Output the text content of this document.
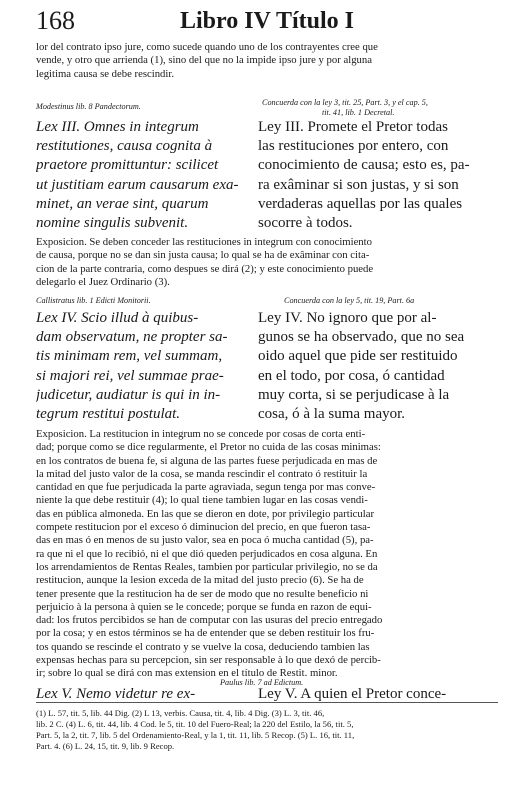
168	Libro IV Título I
lor del contrato ipso jure, como sucede quando uno de los contrayentes cree que
vende, y otro que arrienda (1), sino del que no la impide ipso jure y por alguna
legitima causa se debe rescindir.
Modestinus lib. 8 Pandectorum.	Concuerda con la ley 3, tit. 25, Part. 3, y el cap. 5,
tit. 41, lib. 1 Decretal.
Lex III. Omnes in integrum
restitutiones, causa cognita à
praetore promittuntur: scilicet
ut justitiam earum causarum exa-
minet, an verae sint, quarum
nomine singulis subvenit.
Ley III. Promete el Pretor todas
las restituciones por entero, con
conocimiento de causa; esto es, pa-
ra exâminar si son justas, y si son
verdaderas aquellas por las quales
socorre à todos.
Exposicion. Se deben conceder las restituciones in integrum con conocimiento
de causa, porque no se dan sin justa causa; lo qual se ha de exâminar con cita-
cion de la parte contraria, como despues se dirá (2); y este conocimiento puede
delegarlo el Juez Ordinario (3).
Callistratus lib. 1 Edicti Monitorii.	Concuerda con la ley 5, tit. 19, Part. 6a
Lex IV. Scio illud à quibus-
dam observatum, ne propter sa-
tis minimam rem, vel summam,
si majori rei, vel summae prae-
judicetur, audiatur is qui in in-
tegrum restitui postulat.
Ley IV. No ignoro que por al-
gunos se ha observado, que no sea
oido aquel que pide ser restituido
en el todo, por cosa, ó cantidad
muy corta, si se perjudicase à la
cosa, ó à la suma mayor.
Exposicion. La restitucion in integrum no se concede por cosas de corta enti-
dad; porque como se dice regularmente, el Pretor no cuida de las cosas minimas:
en los contratos de buena fe, si alguna de las partes fuese perjudicada en mas de
la mitad del justo valor de la cosa, se manda rescindir el contrato ó restituir la
cantidad en que fue perjudicada la parte agraviada, segun tenga por mas conve-
niente la que debe restituir (4); lo qual tiene tambien lugar en las cosas vendi-
das en pública almoneda. En las que se dieron en dote, por privilegio particular
compete restitucion por el exceso ó diminucion del precio, en que fueron tasa-
das en mas ó en menos de su justo valor, sea en poca ó mucha cantidad (5), pa-
ra que ni el que lo recibió, ni el que dió queden perjudicados en cosa alguna. En
los arrendamientos de Rentas Reales, tambien por particular privilegio, no se da
restitucion, aunque la lesion exceda de la mitad del justo precio (6). Se ha de
tener presente que la restitucion ha de ser de modo que no resulte beneficio ni
perjuicio à la persona à quien se le concede; porque se funda en razon de equi-
dad: los frutos percibidos se han de computar con las usuras del precio entregado
por la cosa; y en estos términos se ha de entender que se deben restituir los fru-
tos quando se rescinde el contrato y se vuelve la cosa, deduciendo tambien las
expensas hechas para su percepcion, sin ser responsable à lo que dexó de percib-
ir; sobre lo qual se dirá con mas extension en el título de Restit. minor.
Paulus lib. 7 ad Edictum.
Lex V. Nemo videtur re ex-	Ley V. A quien el Pretor conce-
(1) L. 57, tit. 5, lib. 44 Dig. (2) L 13, verbis. Causa, tit. 4, lib. 4 Dig. (3) L. 3, tit. 46,
lib. 2 C. (4) L. 6, tit. 44, lib. 4 Cod. le 5, tit. 10 del Fuero-Real; la 220 del Estilo, la 56, tit. 5,
Part. 5, la 2, tit. 7, lib. 5 del Ordenamiento-Real, y la 1, tit. 11, lib. 5 Recop. (5) L. 16, tit. 11,
Part. 4. (6) L. 24, 15, tit. 9, lib. 9 Recop.
